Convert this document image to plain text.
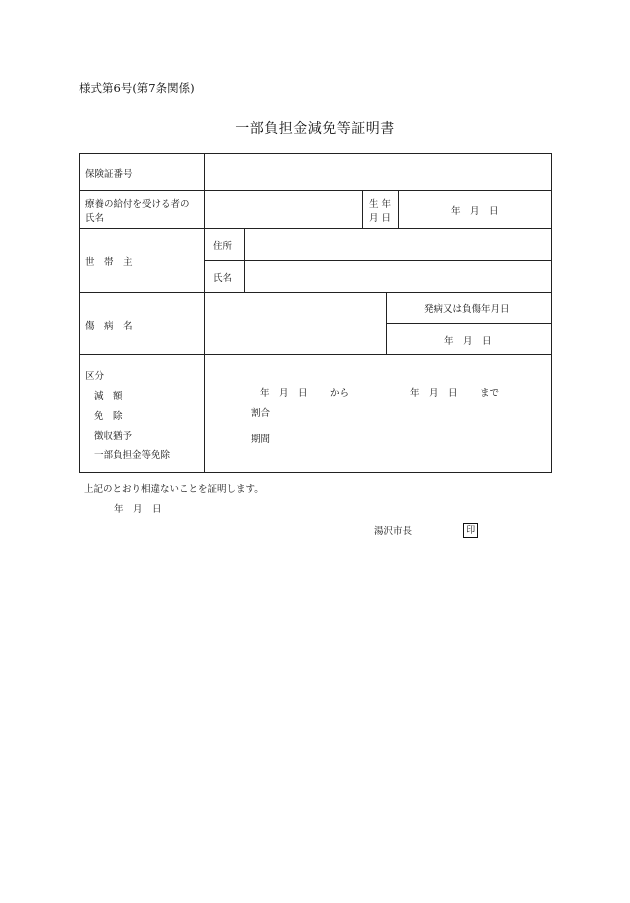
様式第6号(第7条関係)
一部負担金減免等証明書
保険証番号
療養の給付を受ける者の
氏名
生 年
月 日
年　月　日
世　帯　主
住所
氏名
傷　病　名
発病又は負傷年月日
年　月　日
区分
減　額
免　除
徴収猶予
一部負担金等免除
年　月　日 から	年　月　日 まで
割合
期間
上記のとおり相違ないことを証明します。
年　月　日
湯沢市長	印
